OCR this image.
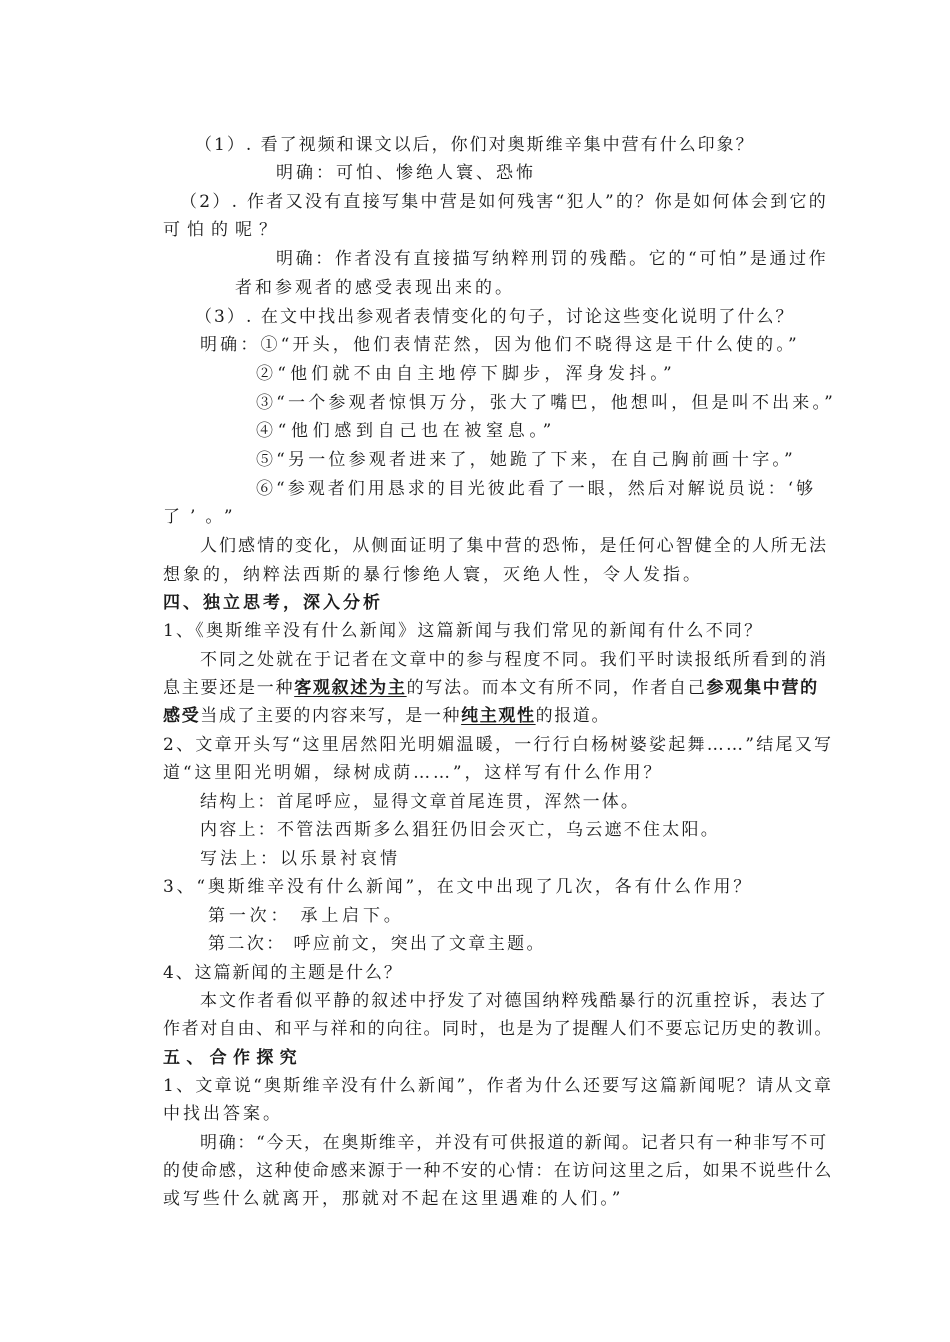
（1）. 看了视频和课文以后，你们对奥斯维辛集中营有什么印象？
明确：可怕、惨绝人寰、恐怖
（2）. 作者又没有直接写集中营是如何残害“犯人”的？你是如何体会到它的
可怕的呢？
明确：作者没有直接描写纳粹刑罚的残酷。它的“可怕”是通过作
者和参观者的感受表现出来的。
（3）. 在文中找出参观者表情变化的句子，讨论这些变化说明了什么？
明确：①“开头，他们表情茫然，因为他们不晓得这是干什么使的。”
②“他们就不由自主地停下脚步，浑身发抖。”
③“一个参观者惊惧万分，张大了嘴巴，他想叫，但是叫不出来。”
④“他们感到自己也在被窒息。”
⑤“另一位参观者进来了，她跪了下来，在自己胸前画十字。”
⑥“参观者们用恳求的目光彼此看了一眼，然后对解说员说：‘够
了’。”
人们感情的变化，从侧面证明了集中营的恐怖，是任何心智健全的人所无法
想象的，纳粹法西斯的暴行惨绝人寰，灭绝人性，令人发指。
四、独立思考，深入分析
1、《奥斯维辛没有什么新闻》这篇新闻与我们常见的新闻有什么不同？
不同之处就在于记者在文章中的参与程度不同。我们平时读报纸所看到的消
息主要还是一种客观叙述为主的写法。而本文有所不同，作者自己参观集中营的
感受当成了主要的内容来写，是一种纯主观性的报道。
2、文章开头写“这里居然阳光明媚温暖，一行行白杨树婆娑起舞……”结尾又写
道“这里阳光明媚，绿树成荫……”，这样写有什么作用？
结构上：首尾呼应，显得文章首尾连贯，浑然一体。
内容上：不管法西斯多么猖狂仍旧会灭亡，乌云遮不住太阳。
写法上：以乐景衬哀情
3、“奥斯维辛没有什么新闻”，在文中出现了几次，各有什么作用？
第一次： 承上启下。
第二次： 呼应前文，突出了文章主题。
4、这篇新闻的主题是什么？
本文作者看似平静的叙述中抒发了对德国纳粹残酷暴行的沉重控诉，表达了
作者对自由、和平与祥和的向往。同时，也是为了提醒人们不要忘记历史的教训。
五、合作探究
1、文章说“奥斯维辛没有什么新闻”，作者为什么还要写这篇新闻呢？请从文章
中找出答案。
明确：“今天，在奥斯维辛，并没有可供报道的新闻。记者只有一种非写不可
的使命感，这种使命感来源于一种不安的心情：在访问这里之后，如果不说些什么
或写些什么就离开，那就对不起在这里遇难的人们。”
